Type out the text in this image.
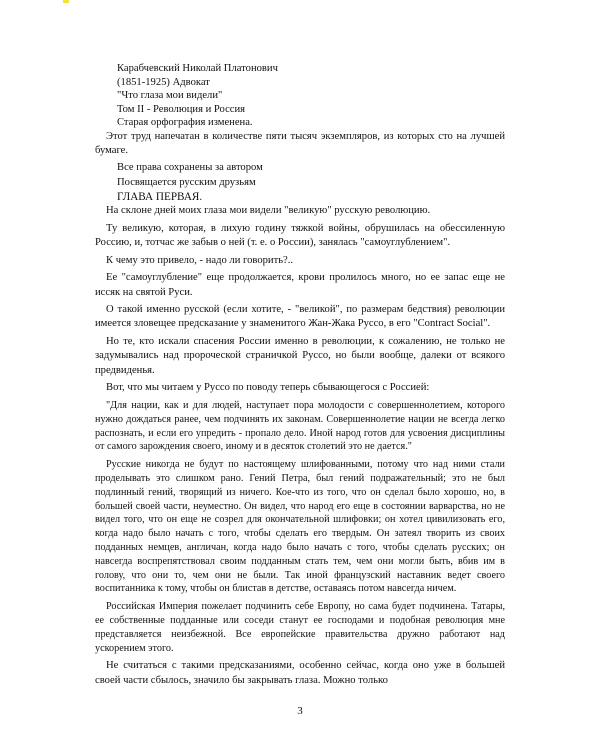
Карабчевский Николай Платонович
(1851-1925) Адвокат
"Что глаза мои видели"
Том II - Революция и Россия
Старая орфография изменена.

Этот труд напечатан в количестве пяти тысяч экземпляров, из которых сто на лучшей бумаге.

Все права сохранены за автором
Посвящается русским друзьям
ГЛАВА ПЕРВАЯ.

На склоне дней моих глаза мои видели "великую" русскую революцию.

Ту великую, которая, в лихую годину тяжкой войны, обрушилась на обессиленную Россию, и, тотчас же забыв о ней (т. е. о России), занялась "самоуглублением".

К чему это привело, - надо ли говорить?..

Ее "самоуглубление" еще продолжается, крови пролилось много, но ее запас еще не иссяк на святой Руси.

О такой именно русской (если хотите, - "великой", по размерам бедствия) революции имеется зловещее предсказание у знаменитого Жан-Жака Руссо, в его "Contract Social".

Но те, кто искали спасения России именно в революции, к сожалению, не только не задумывались над пророческой страничкой Руссо, но были вообще, далеки от всякого предвиденья.

Вот, что мы читаем у Руссо по поводу теперь сбывающегося с Россией:

"Для нации, как и для людей, наступает пора молодости с совершеннолетием, которого нужно дождаться ранее, чем подчинять их законам. Совершеннолетие нации не всегда легко распознать, и если его упредить - пропало дело. Иной народ готов для усвоения дисциплины от самого зарождения своего, иному и в десяток столетий это не дается."

Русские никогда не будут по настоящему шлифованными, потому что над ними стали проделывать это слишком рано. Гений Петра, был гений подражательный; это не был подлинный гений, творящий из ничего. Кое-что из того, что он сделал было хорошо, но, в большей своей части, неуместно. Он видел, что народ его еще в состоянии варварства, но не видел того, что он еще не созрел для окончательной шлифовки; он хотел цивилизовать его, когда надо было начать с того, чтобы сделать его твердым. Он затеял творить из своих подданных немцев, англичан, когда надо было начать с того, чтобы сделать русских; он навсегда воспрепятствовал своим подданным стать тем, чем они могли быть, вбив им в голову, что они то, чем они не были. Так иной французский наставник ведет своего воспитанника к тому, чтобы он блистав в детстве, оставаясь потом навсегда ничем.

Российская Империя пожелает подчинить себе Европу, но сама будет подчинена. Татары, ее собственные подданные или соседи станут ее господами и подобная революция мне представляется неизбежной. Все европейские правительства дружно работают над ускорением этого.

Не считаться с такими предсказаниями, особенно сейчас, когда оно уже в большей своей части сбылось, значило бы закрывать глаза. Можно только

3
